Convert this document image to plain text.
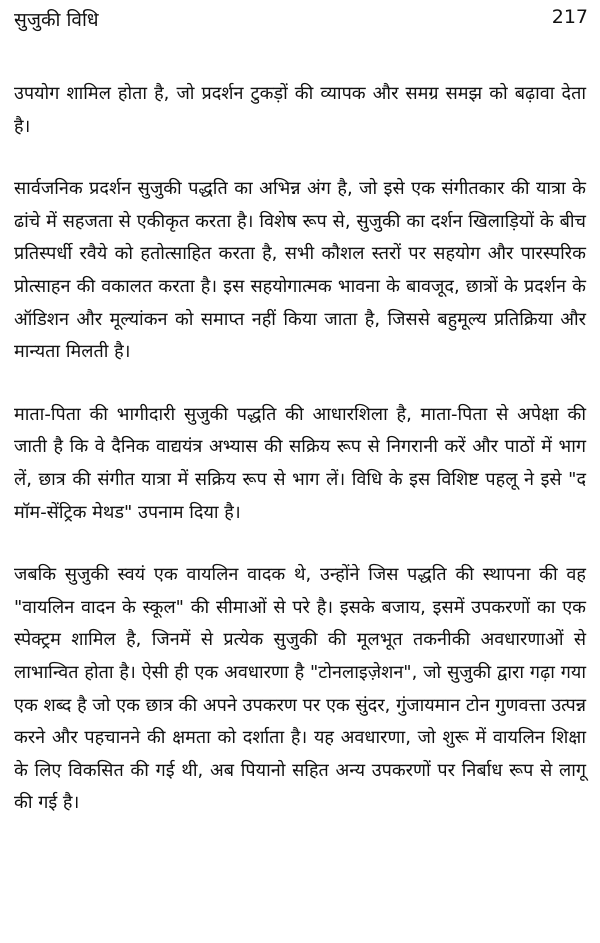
सुजुकी विधि	217

उपयोग शामिल होता है, जो प्रदर्शन टुकड़ों की व्यापक और समग्र समझ को बढ़ावा देता है।

सार्वजनिक प्रदर्शन सुजुकी पद्धति का अभिन्न अंग है, जो इसे एक संगीतकार की यात्रा के ढांचे में सहजता से एकीकृत करता है। विशेष रूप से, सुजुकी का दर्शन खिलाड़ियों के बीच प्रतिस्पर्धी रवैये को हतोत्साहित करता है, सभी कौशल स्तरों पर सहयोग और पारस्परिक प्रोत्साहन की वकालत करता है। इस सहयोगात्मक भावना के बावजूद, छात्रों के प्रदर्शन के ऑडिशन और मूल्यांकन को समाप्त नहीं किया जाता है, जिससे बहुमूल्य प्रतिक्रिया और मान्यता मिलती है।

माता-पिता की भागीदारी सुजुकी पद्धति की आधारशिला है, माता-पिता से अपेक्षा की जाती है कि वे दैनिक वाद्ययंत्र अभ्यास की सक्रिय रूप से निगरानी करें और पाठों में भाग लें, छात्र की संगीत यात्रा में सक्रिय रूप से भाग लें। विधि के इस विशिष्ट पहलू ने इसे "द मॉम-सेंट्रिक मेथड" उपनाम दिया है।

जबकि सुजुकी स्वयं एक वायलिन वादक थे, उन्होंने जिस पद्धति की स्थापना की वह "वायलिन वादन के स्कूल" की सीमाओं से परे है। इसके बजाय, इसमें उपकरणों का एक स्पेक्ट्रम शामिल है, जिनमें से प्रत्येक सुजुकी की मूलभूत तकनीकी अवधारणाओं से लाभान्वित होता है। ऐसी ही एक अवधारणा है "टोनलाइज़ेशन", जो सुजुकी द्वारा गढ़ा गया एक शब्द है जो एक छात्र की अपने उपकरण पर एक सुंदर, गुंजायमान टोन गुणवत्ता उत्पन्न करने और पहचानने की क्षमता को दर्शाता है। यह अवधारणा, जो शुरू में वायलिन शिक्षा के लिए विकसित की गई थी, अब पियानो सहित अन्य उपकरणों पर निर्बाध रूप से लागू की गई है।
